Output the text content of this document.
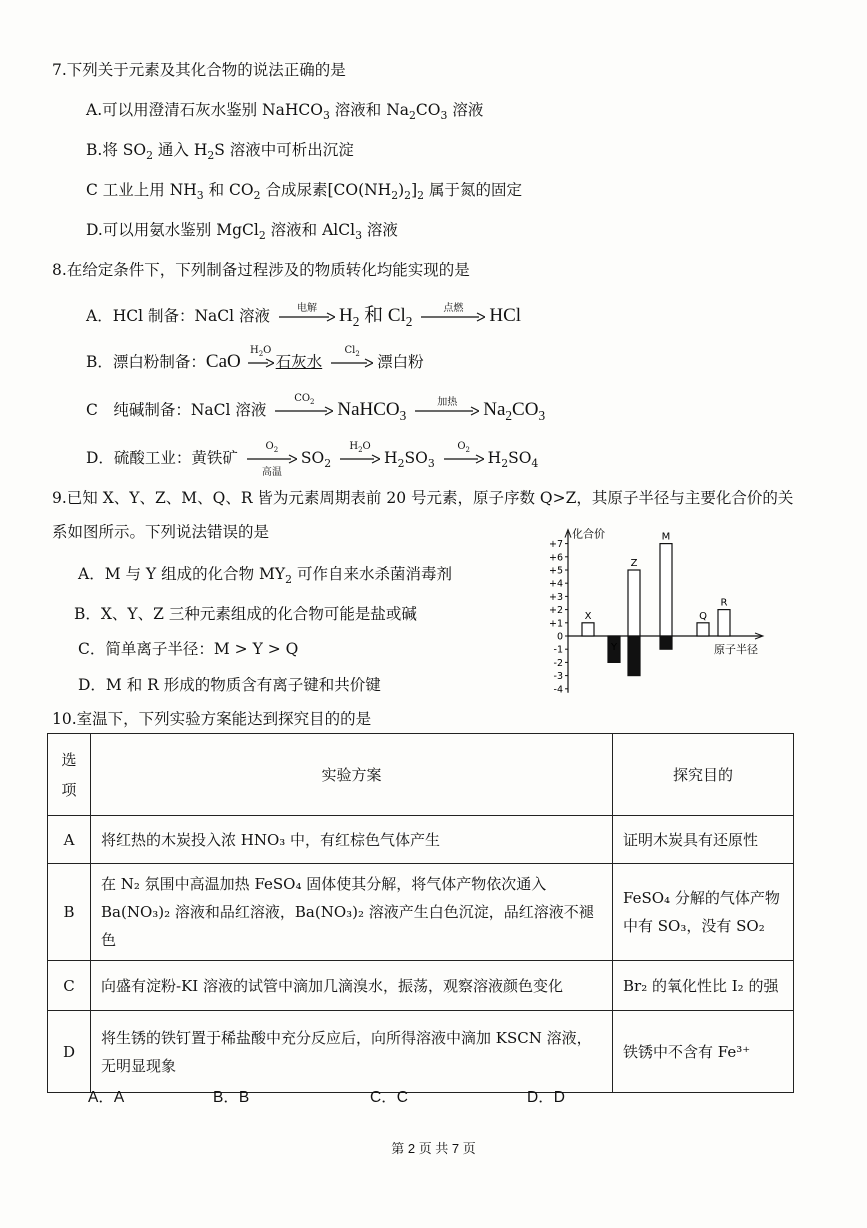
7.下列关于元素及其化合物的说法正确的是
A.可以用澄清石灰水鉴别 NaHCO$_3$ 溶液和 $Na_2CO_3$ 溶液
B.将 $SO_2$ 通入 $H_2S$ 溶液中可析出沉淀
C 工业上用 $NH_3$ 和 $CO_2$ 合成尿素$[CO(NH_2)_2]_2$ 属于氮的固定
D.可以用氨水鉴别 MgCl$_2$ 溶液和 AlCl$_3$ 溶液
8.在给定条件下，下列制备过程涉及的物质转化均能实现的是
A．HCl 制备：NaCl 溶液	电解	$H_2$ 和 $Cl_2$
点燃	HCl
B．漂白粉制备：CaO
$H_2O$
石灰水
$Cl_2$	漂白粉
C　纯碱制备：NaCl 溶液
$CO_2$	NaHCO$_3$
加热	$Na_2CO_3$
D．硫酸工业：黄铁矿
$O_2$
高温
$SO_2$
$H_2O$
$H_2SO_3$
$O_2$	$H_2SO_4$
9.已知 X、Y、Z、M、Q、R 皆为元素周期表前 20 号元素，原子序数 Q>Z，其原子半径与主要化合价的关
系如图所示。下列说法错误的是
A．M 与 Y 组成的化合物 $MY_2$ 可作自来水杀菌消毒剂
B．X、Y、Z 三种元素组成的化合物可能是盐或碱
C．简单离子半径：M > Y > Q
D．M 和 R 形成的物质含有离子键和共价键
化合价
原子半径
+7
+6
+5
+4
+3
+2
+1
0
-1
-2
-3
-4
X
Y
Z
M
Q
R
10.室温下，下列实验方案能达到探究目的的是
选
项	实验方案	探究目的
A	将红热的木炭投入浓 HNO₃ 中，有红棕色气体产生	证明木炭具有还原性
B	在 N₂ 氛围中高温加热 FeSO₄ 固体使其分解，将气体产物依次通入 Ba(NO₃)₂ 溶液和品红溶液，Ba(NO₃)₂ 溶液产生白色沉淀，品红溶液不褪色	FeSO₄ 分解的气体产物中有 SO₃，没有 SO₂
C	向盛有淀粉-KI 溶液的试管中滴加几滴溴水，振荡，观察溶液颜色变化	Br₂ 的氧化性比 I₂ 的强
D	将生锈的铁钉置于稀盐酸中充分反应后，向所得溶液中滴加 KSCN 溶液，无明显现象	铁锈中不含有 Fe³⁺
A．A	B．B	C．C	D．D
第 2 页 共 7 页
